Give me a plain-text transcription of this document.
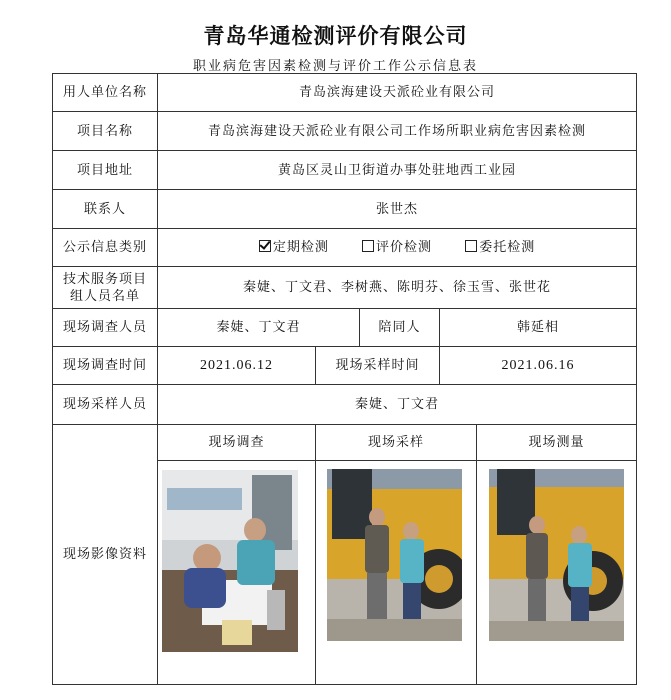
青岛华通检测评价有限公司
职业病危害因素检测与评价工作公示信息表
用人单位名称	青岛滨海建设天派砼业有限公司				
项目名称	青岛滨海建设天派砼业有限公司工作场所职业病危害因素检测				
项目地址	黄岛区灵山卫街道办事处驻地西工业园				
联系人	张世杰				
公示信息类别	定期检测 评价检测 委托检测				
技术服务项目
组人员名单	秦婕、丁文君、李树燕、陈明芬、徐玉雪、张世花				
现场调查人员	秦婕、丁文君		陪同人	韩延相	
现场调查时间	2021.06.12	现场采样时间		2021.06.16	
现场采样人员	秦婕、丁文君				
现场影像资料	现场调查	现场采样			现场测量
